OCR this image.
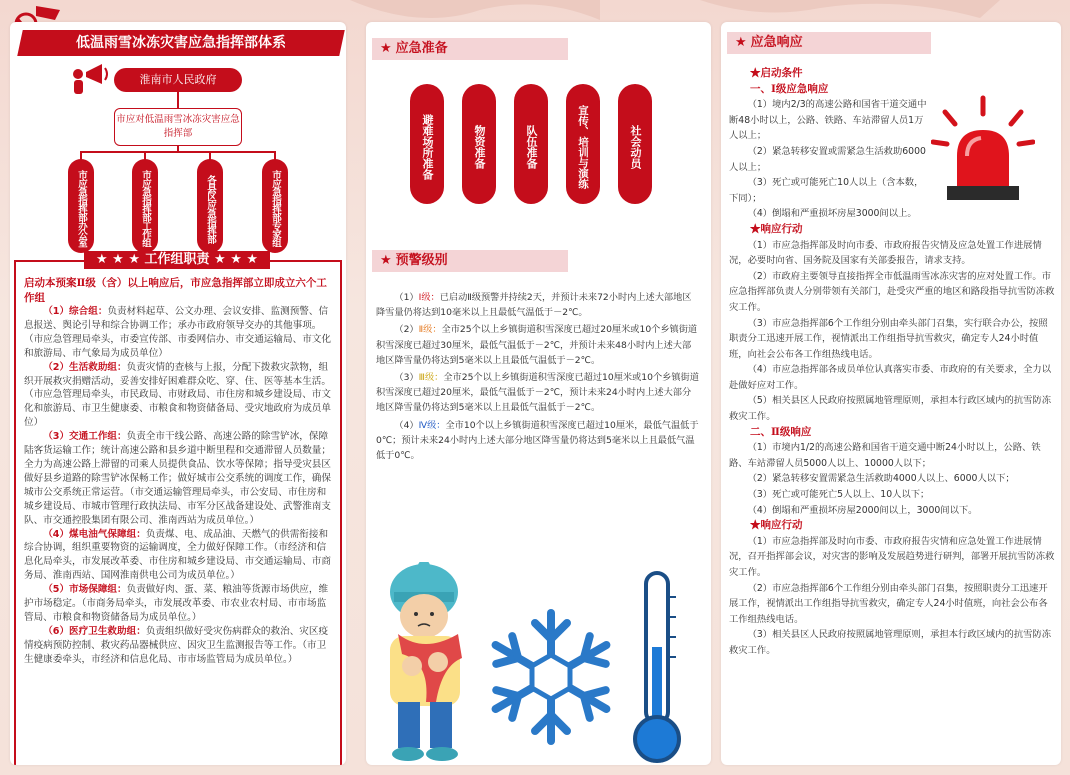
低温雨雪冰冻灾害应急指挥部体系
淮南市人民政府
市应对低温雨雪冰冻灾害应急指挥部
市应急指挥部办公室	市应急指挥部工作组	各县区应急指挥部	市应急指挥部专家组
启动本预案Ⅱ级（含）以上响应后，市应急指挥部立即成立六个工作组
（1）综合组：负责材料起草、公文办理、会议安排、监测预警、信息报送、舆论引导和综合协调工作；承办市政府领导交办的其他事项。（市应急管理局牵头，市委宣传部、市委网信办、市交通运输局、市文化和旅游局、市气象局为成员单位）
（2）生活救助组：负责灾情的查核与上报，分配下拨救灾款物，组织开展救灾捐赠活动，妥善安排好困难群众吃、穿、住、医等基本生活。（市应急管理局牵头，市民政局、市财政局、市住房和城乡建设局、市文化和旅游局、市卫生健康委、市粮食和物资储备局、受灾地政府为成员单位）
（3）交通工作组：负责全市干线公路、高速公路的除雪铲冰，保障陆客货运输工作；统计高速公路和县乡道中断里程和交通滞留人员数量；全力为高速公路上滞留的司乘人员提供食品、饮水等保障；指导受灾县区做好县乡道路的除雪铲冰保畅工作；做好城市公交系统的调度工作，确保城市公交系统正常运营。（市交通运输管理局牵头，市公安局、市住房和城乡建设局、市城市管理行政执法局、市军分区战备建设处、武警淮南支队、市交通控股集团有限公司、淮南西站为成员单位。）
（4）煤电油气保障组：负责煤、电、成品油、天燃气的供需衔接和综合协调，组织重要物资的运输调度，全力做好保障工作。（市经济和信息化局牵头，市发展改革委、市住房和城乡建设局、市交通运输局、市商务局、淮南西站、国网淮南供电公司为成员单位。）
（5）市场保障组：负责做好肉、蛋、菜、粮油等货源市场供应，维护市场稳定。（市商务局牵头，市发展改革委、市农业农村局、市市场监管局、市粮食和物资储备局为成员单位。）
（6）医疗卫生救助组：负责组织做好受灾伤病群众的救治、灾区疫情疫病预防控制、救灾药品器械供应、因灾卫生监测报告等工作。（市卫生健康委牵头，市经济和信息化局、市市场监管局为成员单位。）
★ ★ ★ 工作组职责 ★ ★ ★
★ 应急准备
避难场所准备	物资准备	队伍准备	宣传、培训与演练	社会动员
★ 预警级别

（1）Ⅰ级：已启动Ⅱ级预警并持续2天，并预计未来72小时内上述大部地区降雪量仍将达到10毫米以上且最低气温低于－2℃。

（2）Ⅱ级：全市25个以上乡镇街道积雪深度已超过20厘米或10个乡镇街道积雪深度已超过30厘米，最低气温低于－2℃，并预计未来48小时内上述大部地区降雪量仍将达到5毫米以上且最低气温低于－2℃。

（3）Ⅲ级：全市25个以上乡镇街道积雪深度已超过10厘米或10个乡镇街道积雪深度已超过20厘米，最低气温低于－2℃，预计未来24小时内上述大部分地区降雪量仍将达到5毫米以上且最低气温低于－2℃。

（4）Ⅳ级：全市10个以上乡镇街道积雪深度已超过10厘米，最低气温低于0℃；预计未来24小时内上述大部分地区降雪量仍将达到5毫米以上且最低气温低于0℃。

★ 应急响应
★启动条件
一、Ⅰ级应急响应
（1）境内2/3的高速公路和国省干道交通中断48小时以上，公路、铁路、车站滞留人员1万人以上；
（2）紧急转移安置或需紧急生活救助6000人以上；
（3）死亡或可能死亡10人以上（含本数，下同）；
（4）倒塌和严重损坏房屋3000间以上。
★响应行动
（1）市应急指挥部及时向市委、市政府报告灾情及应急处置工作进展情况，必要时向省、国务院及国家有关部委报告，请求支持。
（2）市政府主要领导直接指挥全市低温雨雪冰冻灾害的应对处置工作。市应急指挥部负责人分别带领有关部门，赴受灾严重的地区和路段指导抗雪防冻救灾工作。
（3）市应急指挥部6个工作组分别由牵头部门召集，实行联合办公，按照职责分工迅速开展工作，视情派出工作组指导抗雪救灾，确定专人24小时值班，向社会公布各工作组热线电话。
（4）市应急指挥部各成员单位认真落实市委、市政府的有关要求，全力以赴做好应对工作。
（5）相关县区人民政府按照属地管理原则，承担本行政区域内的抗雪防冻救灾工作。
二、Ⅱ级响应
（1）市境内1/2的高速公路和国省干道交通中断24小时以上，公路、铁路、车站滞留人员5000人以上、10000人以下；
（2）紧急转移安置需紧急生活救助4000人以上、6000人以下；
（3）死亡或可能死亡5人以上、10人以下；
（4）倒塌和严重损坏房屋2000间以上，3000间以下。
★响应行动
（1）市应急指挥部及时向市委、市政府报告灾情和应急处置工作进展情况，召开指挥部会议，对灾害的影响及发展趋势进行研判，部署开展抗雪防冻救灾工作。
（2）市应急指挥部6个工作组分别由牵头部门召集，按照职责分工迅速开展工作，视情派出工作组指导抗雪救灾，确定专人24小时值班，向社会公布各工作组热线电话。
（3）相关县区人民政府按照属地管理原则，承担本行政区域内的抗雪防冻救灾工作。
